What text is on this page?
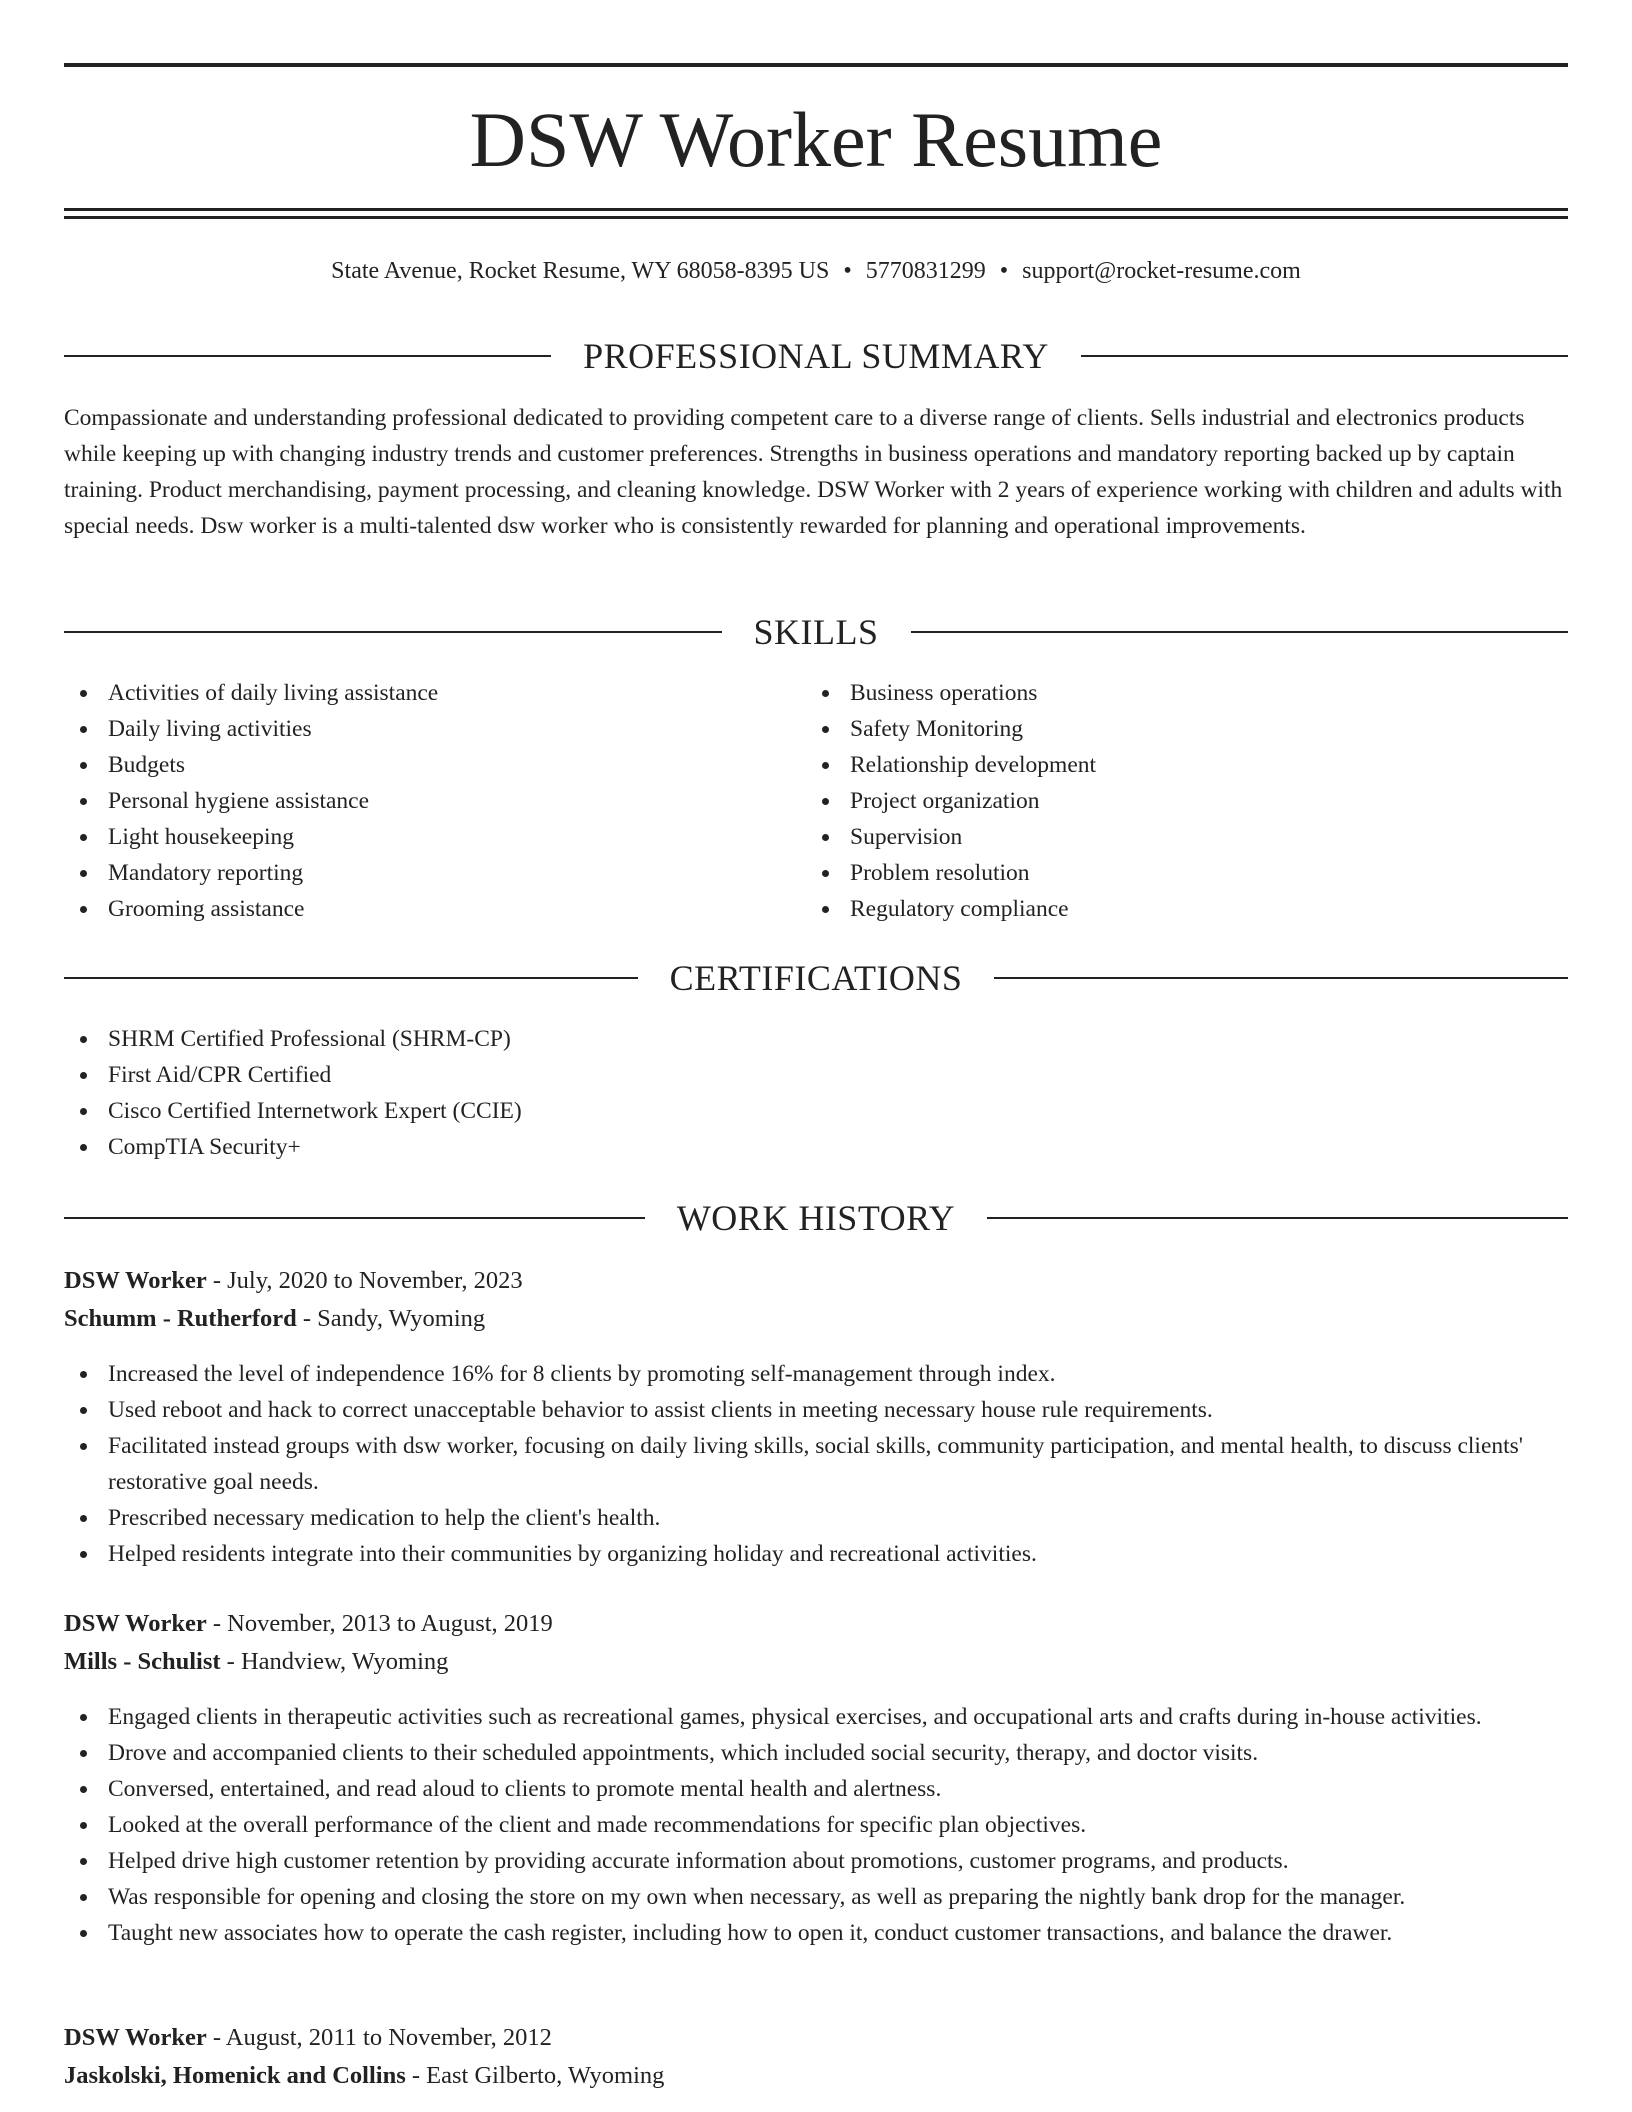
DSW Worker Resume
State Avenue, Rocket Resume, WY 68058-8395 US • 5770831299 • support@rocket-resume.com
PROFESSIONAL SUMMARY

Compassionate and understanding professional dedicated to providing competent care to a diverse range of clients. Sells industrial and electronics products while keeping up with changing industry trends and customer preferences. Strengths in business operations and mandatory reporting backed up by captain training. Product merchandising, payment processing, and cleaning knowledge. DSW Worker with 2 years of experience working with children and adults with special needs. Dsw worker is a multi-talented dsw worker who is consistently rewarded for planning and operational improvements.

SKILLS
Activities of daily living assistance
Daily living activities
Budgets
Personal hygiene assistance
Light housekeeping
Mandatory reporting
Grooming assistance
Business operations
Safety Monitoring
Relationship development
Project organization
Supervision
Problem resolution
Regulatory compliance
CERTIFICATIONS
SHRM Certified Professional (SHRM-CP)
First Aid/CPR Certified
Cisco Certified Internetwork Expert (CCIE)
CompTIA Security+
WORK HISTORY
DSW Worker - July, 2020 to November, 2023
Schumm - Rutherford - Sandy, Wyoming
Increased the level of independence 16% for 8 clients by promoting self-management through index.
Used reboot and hack to correct unacceptable behavior to assist clients in meeting necessary house rule requirements.
Facilitated instead groups with dsw worker, focusing on daily living skills, social skills, community participation, and mental health, to discuss clients' restorative goal needs.
Prescribed necessary medication to help the client's health.
Helped residents integrate into their communities by organizing holiday and recreational activities.
DSW Worker - November, 2013 to August, 2019
Mills - Schulist - Handview, Wyoming
Engaged clients in therapeutic activities such as recreational games, physical exercises, and occupational arts and crafts during in-house activities.
Drove and accompanied clients to their scheduled appointments, which included social security, therapy, and doctor visits.
Conversed, entertained, and read aloud to clients to promote mental health and alertness.
Looked at the overall performance of the client and made recommendations for specific plan objectives.
Helped drive high customer retention by providing accurate information about promotions, customer programs, and products.
Was responsible for opening and closing the store on my own when necessary, as well as preparing the nightly bank drop for the manager.
Taught new associates how to operate the cash register, including how to open it, conduct customer transactions, and balance the drawer.
DSW Worker - August, 2011 to November, 2012
Jaskolski, Homenick and Collins - East Gilberto, Wyoming
